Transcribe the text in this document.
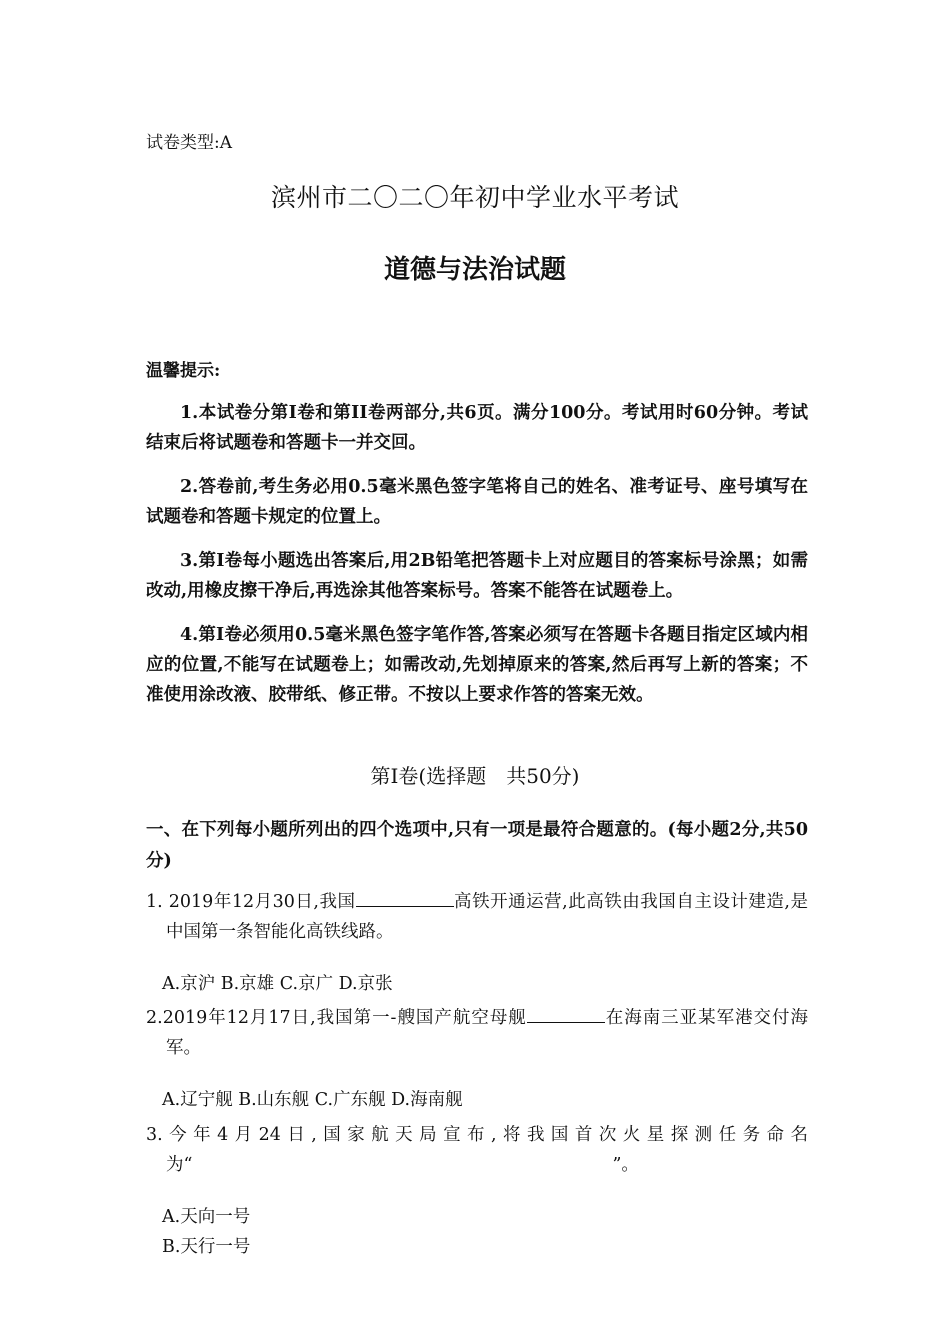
试卷类型:A
滨州市二〇二〇年初中学业水平考试
道德与法治试题
温馨提示:

1.本试卷分第Ⅰ卷和第II卷两部分,共6页。满分100分。考试用时60分钟。考试结束后将试题卷和答题卡一并交回。

2.答卷前,考生务必用0.5毫米黑色签字笔将自己的姓名、准考证号、座号填写在试题卷和答题卡规定的位置上。

3.第Ⅰ卷每小题选出答案后,用2B铅笔把答题卡上对应题目的答案标号涂黑；如需改动,用橡皮擦干净后,再选涂其他答案标号。答案不能答在试题卷上。

4.第Ⅰ卷必须用0.5毫米黑色签字笔作答,答案必须写在答题卡各题目指定区域内相应的位置,不能写在试题卷上；如需改动,先划掉原来的答案,然后再写上新的答案；不准使用涂改液、胶带纸、修正带。不按以上要求作答的答案无效。

第Ⅰ卷(选择题　共50分)
一、在下列每小题所列出的四个选项中,只有一项是最符合题意的。(每小题2分,共50分)
1. 2019年12月30日,我国	高铁开通运营,此高铁由我国自主设计建造,是中国第一条智能化高铁线路。
A.京沪 B.京雄 C.京广 D.京张
2.2019年12月17日,我国第一-艘国产航空母舰	在海南三亚某军港交付海军。
A.辽宁舰 B.山东舰 C.广东舰 D.海南舰
3.今年4月24日,国家航天局宣布,将我国首次火星探测任务命名为“　　　　　　　　　　　　　　　　　　　　　　　　”。
A.天向一号B.天行一号
